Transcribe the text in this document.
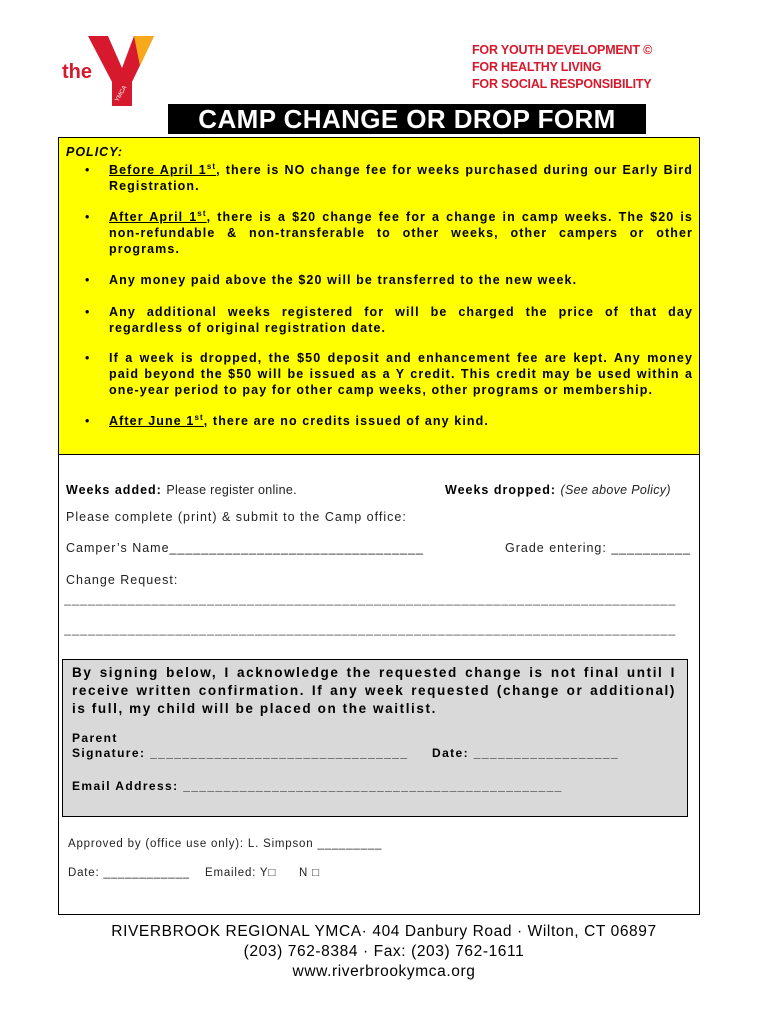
the
YMCA
FOR YOUTH DEVELOPMENT ©
FOR HEALTHY LIVING
FOR SOCIAL RESPONSIBILITY
CAMP CHANGE OR DROP FORM
POLICY:
• Before April 1st, there is NO change fee for weeks purchased during our Early Bird Registration.
• After April 1st, there is a $20 change fee for a change in camp weeks. The $20 is non-refundable & non-transferable to other weeks, other campers or other programs.
• Any money paid above the $20 will be transferred to the new week.
• Any additional weeks registered for will be charged the price of that day regardless of original registration date.
• If a week is dropped, the $50 deposit and enhancement fee are kept. Any money paid beyond the $50 will be issued as a Y credit. This credit may be used within a one-year period to pay for other camp weeks, other programs or membership.
• After June 1st, there are no credits issued of any kind.
Weeks added: Please register online.	Weeks dropped: (See above Policy)
Please complete (print) & submit to the Camp office:
Camper’s Name________________________________	Grade entering: __________
Change Request:
_____________________________________________________________________________
_____________________________________________________________________________
By signing below, I acknowledge the requested change is not final until I receive written confirmation. If any week requested (change or additional) is full, my child will be placed on the waitlist.
Parent
Signature: ________________________________ Date: __________________
Email Address: _______________________________________________
Approved by (office use only): L. Simpson _________
Date: ____________ Emailed: Y□ N □
RIVERBROOK REGIONAL YMCA· 404 Danbury Road · Wilton, CT 06897
(203) 762-8384 · Fax: (203) 762-1611
www.riverbrookymca.org
